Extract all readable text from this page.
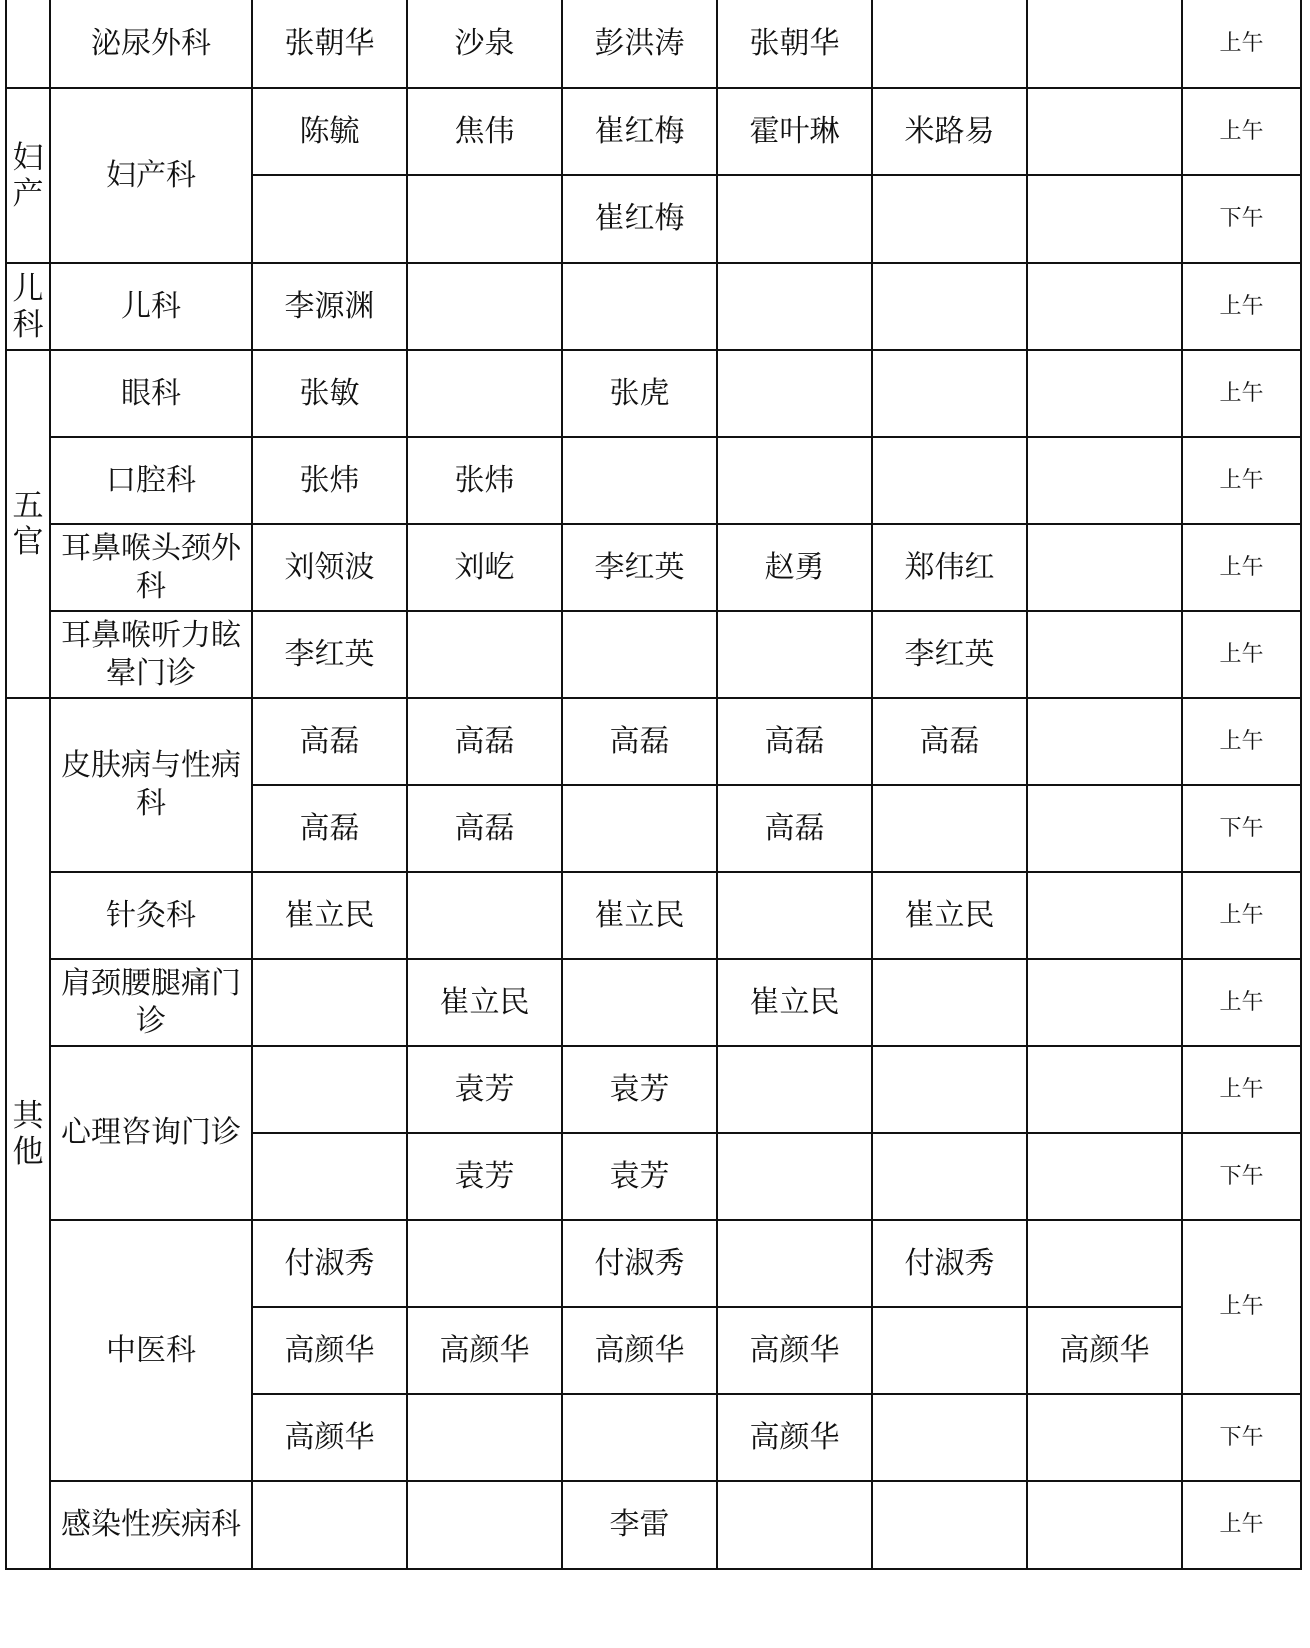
	泌尿外科	张朝华	沙泉	彭洪涛	张朝华			上午
妇产	妇产科	陈毓	焦伟	崔红梅	霍叶琳	米路易		上午
				崔红梅				下午
儿科	儿科	李源渊						上午
五官	眼科	张敏		张虎				上午
	口腔科	张炜	张炜					上午
	耳鼻喉头颈外科	刘领波	刘屹	李红英	赵勇	郑伟红		上午
	耳鼻喉听力眩晕门诊	李红英				李红英		上午
其他	皮肤病与性病科	高磊	高磊	高磊	高磊	高磊		上午
		高磊	高磊		高磊			下午
	针灸科	崔立民		崔立民		崔立民		上午
	肩颈腰腿痛门诊		崔立民		崔立民			上午
	心理咨询门诊		袁芳	袁芳				上午
			袁芳	袁芳				下午
	中医科	付淑秀		付淑秀		付淑秀		上午
		高颜华	高颜华	高颜华	高颜华		高颜华	
		高颜华			高颜华			下午
	感染性疾病科			李雷				上午
